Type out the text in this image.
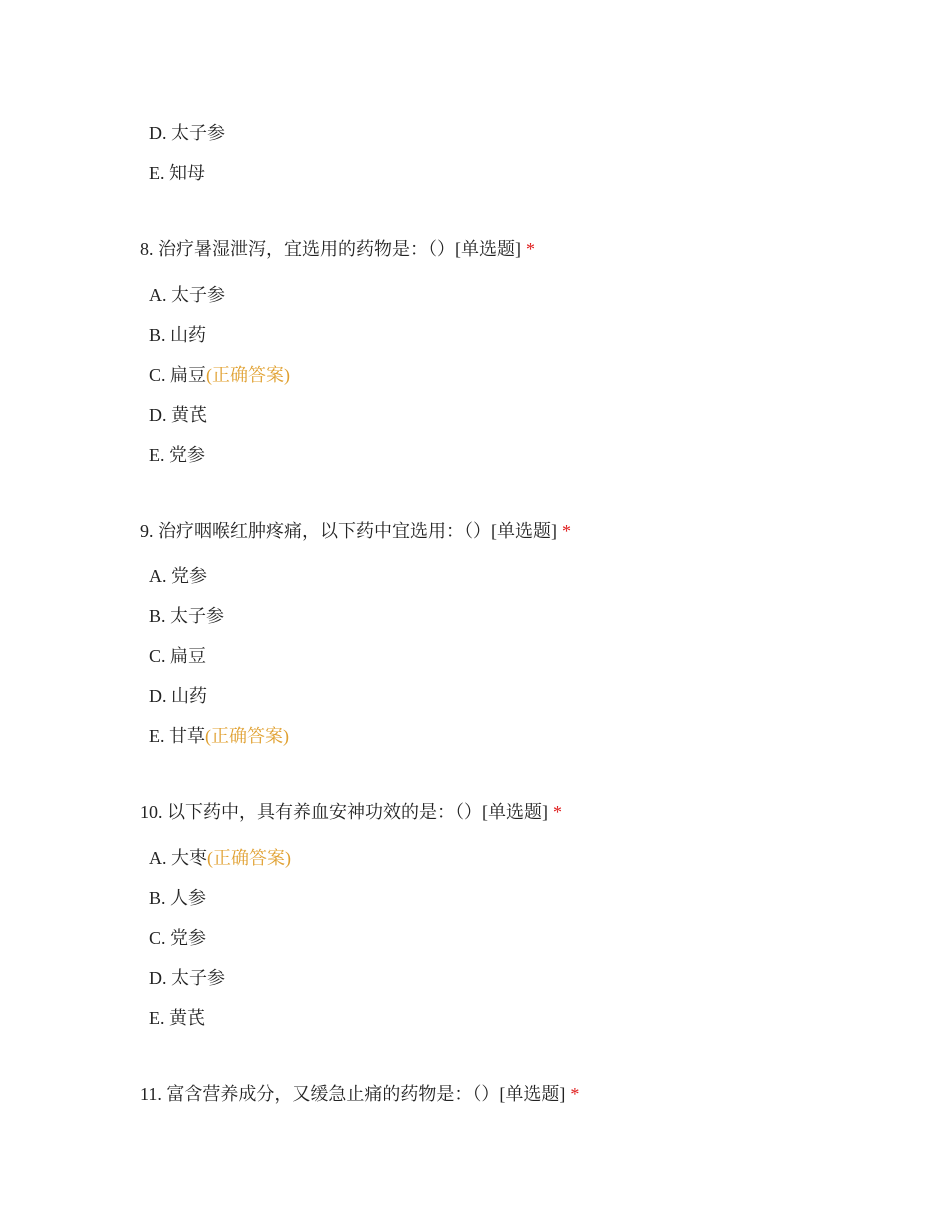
D. 太子参
E. 知母
8. 治疗暑湿泄泻，宜选用的药物是：（）[单选题] *
A. 太子参
B. 山药
C. 扁豆(正确答案)
D. 黄芪
E. 党参
9. 治疗咽喉红肿疼痛，以下药中宜选用：（）[单选题] *
A. 党参
B. 太子参
C. 扁豆
D. 山药
E. 甘草(正确答案)
10. 以下药中，具有养血安神功效的是：（）[单选题] *
A. 大枣(正确答案)
B. 人参
C. 党参
D. 太子参
E. 黄芪
11. 富含营养成分，又缓急止痛的药物是：（）[单选题] *
